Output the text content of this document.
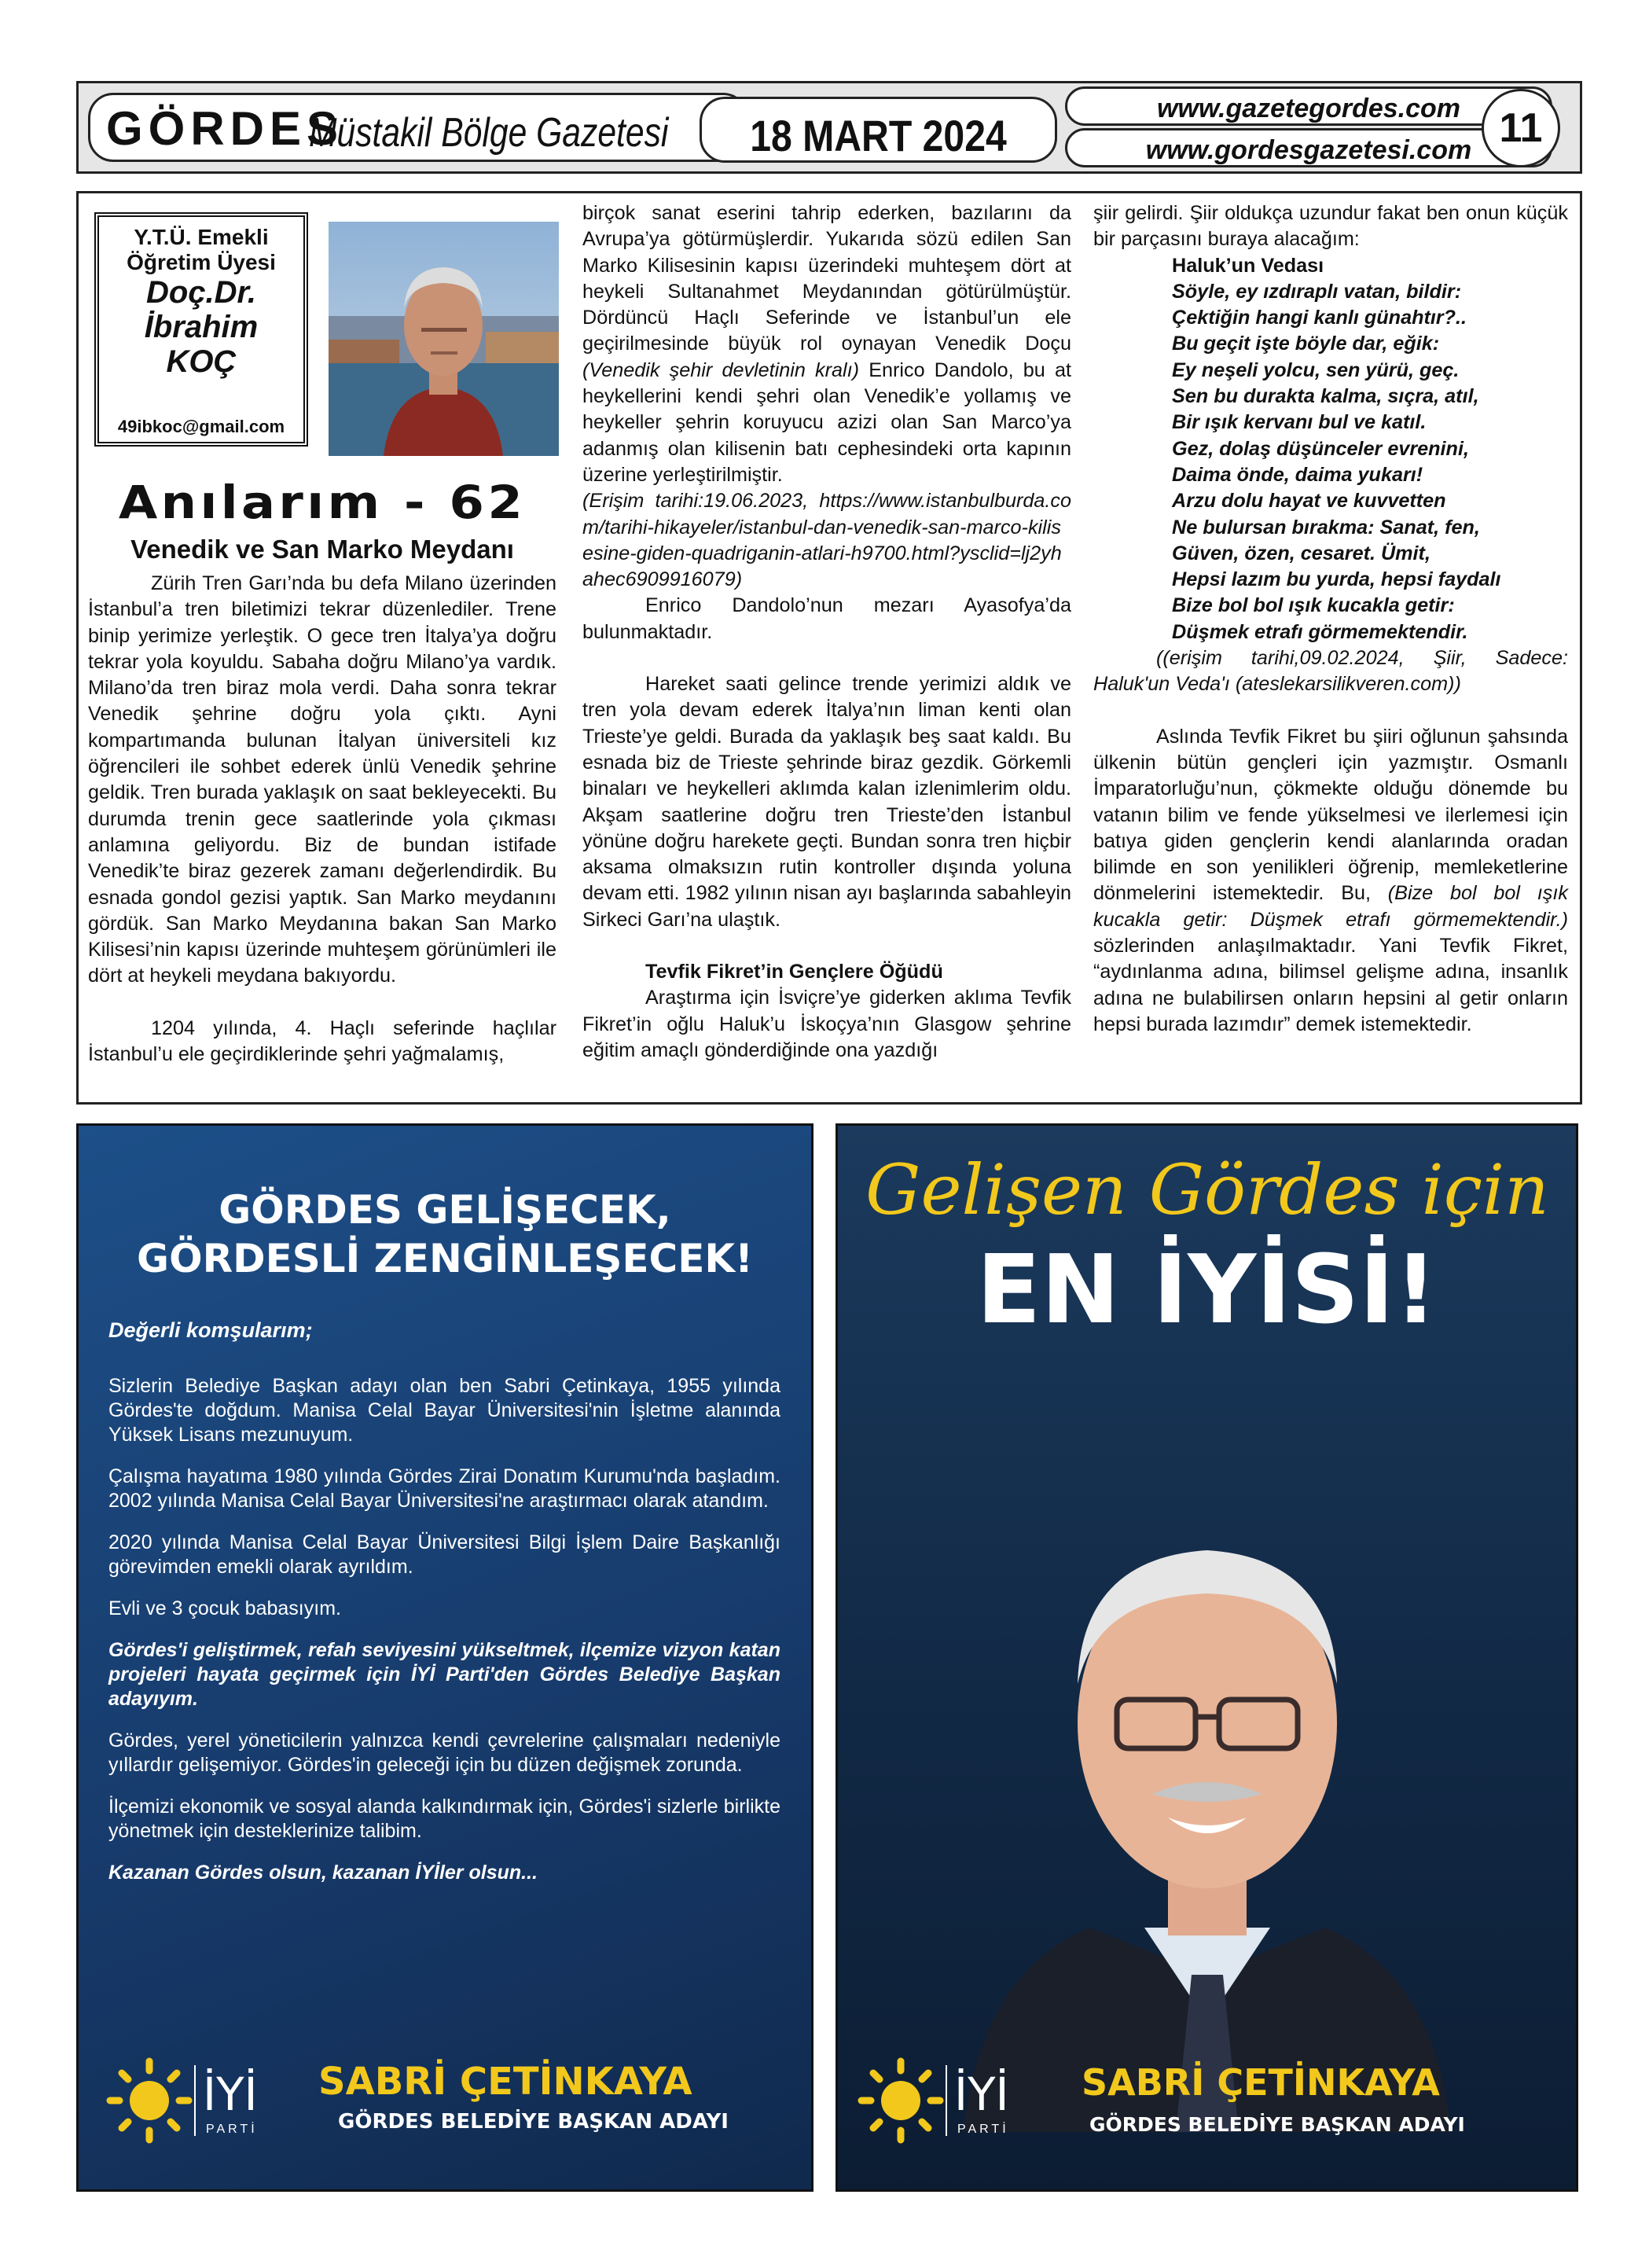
GÖRDES
Müstakil Bölge Gazetesi	18 MART 2024
www.gazetegordes.com
www.gordesgazetesi.com 11
Y.T.Ü. Emekli
Öğretim Üyesi
Doç.Dr.
İbrahim
KOÇ
49ibkoc@gmail.com
Anılarım - 62
Venedik ve San Marko Meydanı

Zürih Tren Garı’nda bu defa Milano üzerinden İstanbul’a tren biletimizi tekrar düzenlediler. Trene binip yerimize yerleştik. O gece tren İtalya’ya doğru tekrar yola koyuldu. Sabaha doğru Milano’ya vardık. Milano’da tren biraz mola verdi. Daha sonra tekrar Venedik şehrine doğru yola çıktı. Ayni kompartımanda bulunan İtalyan üniversiteli kız öğrencileri ile sohbet ederek ünlü Venedik şehrine geldik. Tren burada yaklaşık on saat bekleyecekti. Bu durumda trenin gece saatlerinde yola çıkması anlamına geliyordu. Biz de bundan istifade Venedik’te biraz gezerek zamanı değerlendirdik. Bu esnada gondol gezisi yaptık. San Marko meydanını gördük. San Marko Meydanına bakan San Marko Kilisesi’nin kapısı üzerinde muhteşem görünümleri ile dört at heykeli meydana bakıyordu.

1204 yılında, 4. Haçlı seferinde haçlılar İstanbul’u ele geçirdiklerinde şehri yağmalamış,

birçok sanat eserini tahrip ederken, bazılarını da Avrupa’ya götürmüşlerdir. Yukarıda sözü edilen San Marko Kilisesinin kapısı üzerindeki muhteşem dört at heykeli Sultanahmet Meydanından götürülmüştür. Dördüncü Haçlı Seferinde ve İstanbul’un ele geçirilmesinde büyük rol oynayan Venedik Doçu (Venedik şehir devletinin kralı) Enrico Dandolo, bu at heykellerini kendi şehri olan Venedik’e yollamış ve heykeller şehrin koruyucu azizi olan San Marco’ya adanmış olan kilisenin batı cephesindeki orta kapının üzerine yerleştirilmiştir.

(Erişim tarihi:19.06.2023, https://www.istanbulburda.com/tarihi-hikayeler/istanbul-dan-venedik-san-marco-kilisesine-giden-quadriganin-atlari-h9700.html?ysclid=lj2yhahec6909916079)

Enrico Dandolo’nun mezarı Ayasofya’da bulunmaktadır.

Hareket saati gelince trende yerimizi aldık ve tren yola devam ederek İtalya’nın liman kenti olan Trieste’ye geldi. Burada da yaklaşık beş saat kaldı. Bu esnada biz de Trieste şehrinde biraz gezdik. Görkemli binaları ve heykelleri aklımda kalan izlenimlerim oldu. Akşam saatlerine doğru tren Trieste’den İstanbul yönüne doğru harekete geçti. Bundan sonra tren hiçbir aksama olmaksızın rutin kontroller dışında yoluna devam etti. 1982 yılının nisan ayı başlarında sabahleyin Sirkeci Garı’na ulaştık.

Tevfik Fikret’in Gençlere Öğüdü

Araştırma için İsviçre’ye giderken aklıma Tevfik Fikret’in oğlu Haluk’u İskoçya’nın Glasgow şehrine eğitim amaçlı gönderdiğinde ona yazdığı

şiir gelirdi. Şiir oldukça uzundur fakat ben onun küçük bir parçasını buraya alacağım:

Haluk’un Vedası
Söyle, ey ızdıraplı vatan, bildir:
Çektiğin hangi kanlı günahtır?..
Bu geçit işte böyle dar, eğik:
Ey neşeli yolcu, sen yürü, geç.
Sen bu durakta kalma, sıçra, atıl,
Bir ışık kervanı bul ve katıl.
Gez, dolaş düşünceler evrenini,
Daima önde, daima yukarı!
Arzu dolu hayat ve kuvvetten
Ne bulursan bırakma: Sanat, fen,
Güven, özen, cesaret. Ümit,
Hepsi lazım bu yurda, hepsi faydalı
Bize bol bol ışık kucakla getir:
Düşmek etrafı görmemektendir.

((erişim tarihi,09.02.2024, Şiir, Sadece: Haluk'un Veda'ı (ateslekarsilikveren.com))

Aslında Tevfik Fikret bu şiiri oğlunun şahsında ülkenin bütün gençleri için yazmıştır. Osmanlı İmparatorluğu’nun, çökmekte olduğu dönemde bu vatanın bilim ve fende yükselmesi ve ilerlemesi için batıya giden gençlerin kendi alanlarında oradan bilimde en son yenilikleri öğrenip, memleketlerine dönmelerini istemektedir. Bu, (Bize bol bol ışık kucakla getir: Düşmek etrafı görmemektendir.) sözlerinden anlaşılmaktadır. Yani Tevfik Fikret, “aydınlanma adına, bilimsel gelişme adına, insanlık adına ne bulabilirsen onların hepsini al getir onların hepsi burada lazımdır” demek istemektedir.

GÖRDES GELİŞECEK,
GÖRDESLİ ZENGİNLEŞECEK!

Değerli komşularım;

Sizlerin Belediye Başkan adayı olan ben Sabri Çetinkaya, 1955 yılında Gördes'te doğdum. Manisa Celal Bayar Üniversitesi'nin İşletme alanında Yüksek Lisans mezunuyum.

Çalışma hayatıma 1980 yılında Gördes Zirai Donatım Kurumu'nda başladım. 2002 yılında Manisa Celal Bayar Üniversitesi'ne araştırmacı olarak atandım.

2020 yılında Manisa Celal Bayar Üniversitesi Bilgi İşlem Daire Başkanlığı görevimden emekli olarak ayrıldım.

Evli ve 3 çocuk babasıyım.

Gördes'i geliştirmek, refah seviyesini yükseltmek, ilçemize vizyon katan projeleri hayata geçirmek için İYİ Parti'den Gördes Belediye Başkan adayıyım.

Gördes, yerel yöneticilerin yalnızca kendi çevrelerine çalışmaları nedeniyle yıllardır gelişemiyor. Gördes'in geleceği için bu düzen değişmek zorunda.

İlçemizi ekonomik ve sosyal alanda kalkındırmak için, Gördes'i sizlerle birlikte yönetmek için desteklerinize talibim.

Kazanan Gördes olsun, kazanan İYİler olsun...

İYİ
PARTİ
SABRİ ÇETİNKAYA
GÖRDES BELEDİYE BAŞKAN ADAYI
Gelişen Gördes için
EN İYİSİ!
İYİ
PARTİ
SABRİ ÇETİNKAYA
GÖRDES BELEDİYE BAŞKAN ADAYI
